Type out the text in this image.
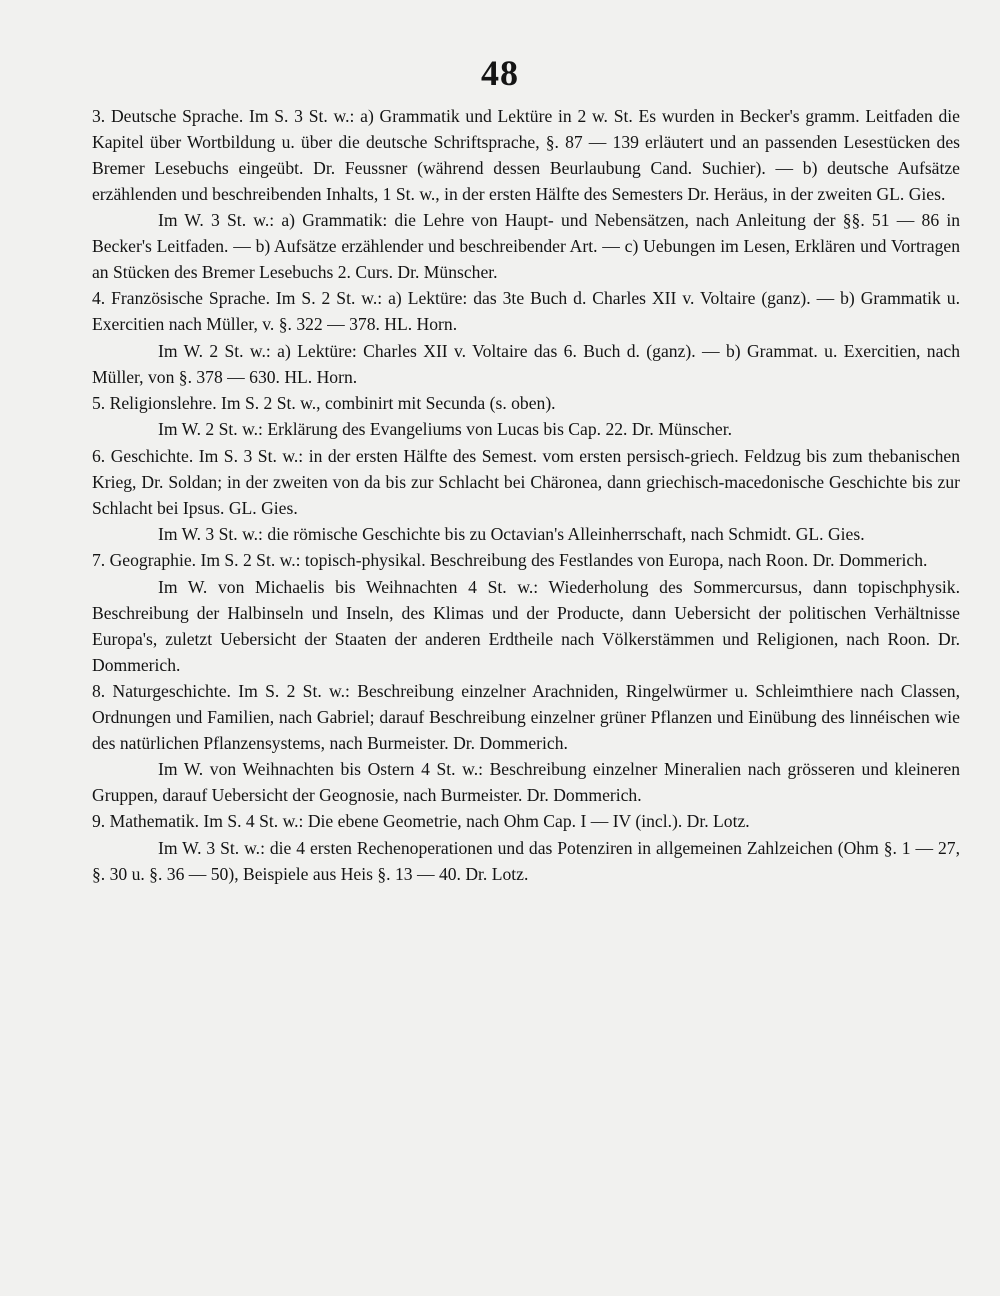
48

3. Deutsche Sprache. Im S. 3 St. w.: a) Grammatik und Lektüre in 2 w. St. Es wurden in Becker's gramm. Leitfaden die Kapitel über Wortbildung u. über die deutsche Schriftsprache, §. 87 — 139 erläutert und an passenden Lesestücken des Bremer Lesebuchs eingeübt. Dr. Feussner (während dessen Beurlaubung Cand. Suchier). — b) deutsche Aufsätze erzählenden und beschreibenden Inhalts, 1 St. w., in der ersten Hälfte des Semesters Dr. Heräus, in der zweiten GL. Gies.

Im W. 3 St. w.: a) Grammatik: die Lehre von Haupt- und Nebensätzen, nach Anleitung der §§. 51 — 86 in Becker's Leitfaden. — b) Aufsätze erzählender und beschreibender Art. — c) Uebungen im Lesen, Erklären und Vortragen an Stücken des Bremer Lesebuchs 2. Curs. Dr. Münscher.

4. Französische Sprache. Im S. 2 St. w.: a) Lektüre: das 3te Buch d. Charles XII v. Voltaire (ganz). — b) Grammatik u. Exercitien nach Müller, v. §. 322 — 378. HL. Horn.

Im W. 2 St. w.: a) Lektüre: Charles XII v. Voltaire das 6. Buch d. (ganz). — b) Grammat. u. Exercitien, nach Müller, von §. 378 — 630. HL. Horn.

5. Religionslehre. Im S. 2 St. w., combinirt mit Secunda (s. oben).

Im W. 2 St. w.: Erklärung des Evangeliums von Lucas bis Cap. 22. Dr. Münscher.

6. Geschichte. Im S. 3 St. w.: in der ersten Hälfte des Semest. vom ersten persisch-griech. Feldzug bis zum thebanischen Krieg, Dr. Soldan; in der zweiten von da bis zur Schlacht bei Chäronea, dann griechisch-macedonische Geschichte bis zur Schlacht bei Ipsus. GL. Gies.

Im W. 3 St. w.: die römische Geschichte bis zu Octavian's Alleinherrschaft, nach Schmidt. GL. Gies.

7. Geographie. Im S. 2 St. w.: topisch-physikal. Beschreibung des Festlandes von Europa, nach Roon. Dr. Dommerich.

Im W. von Michaelis bis Weihnachten 4 St. w.: Wiederholung des Sommercursus, dann topischphysik. Beschreibung der Halbinseln und Inseln, des Klimas und der Producte, dann Uebersicht der politischen Verhältnisse Europa's, zuletzt Uebersicht der Staaten der anderen Erdtheile nach Völkerstämmen und Religionen, nach Roon. Dr. Dommerich.

8. Naturgeschichte. Im S. 2 St. w.: Beschreibung einzelner Arachniden, Ringelwürmer u. Schleimthiere nach Classen, Ordnungen und Familien, nach Gabriel; darauf Beschreibung einzelner grüner Pflanzen und Einübung des linnéischen wie des natürlichen Pflanzensystems, nach Burmeister. Dr. Dommerich.

Im W. von Weihnachten bis Ostern 4 St. w.: Beschreibung einzelner Mineralien nach grösseren und kleineren Gruppen, darauf Uebersicht der Geognosie, nach Burmeister. Dr. Dommerich.

9. Mathematik. Im S. 4 St. w.: Die ebene Geometrie, nach Ohm Cap. I — IV (incl.). Dr. Lotz.

Im W. 3 St. w.: die 4 ersten Rechenoperationen und das Potenziren in allgemeinen Zahlzeichen (Ohm §. 1 — 27, §. 30 u. §. 36 — 50), Beispiele aus Heis §. 13 — 40. Dr. Lotz.
